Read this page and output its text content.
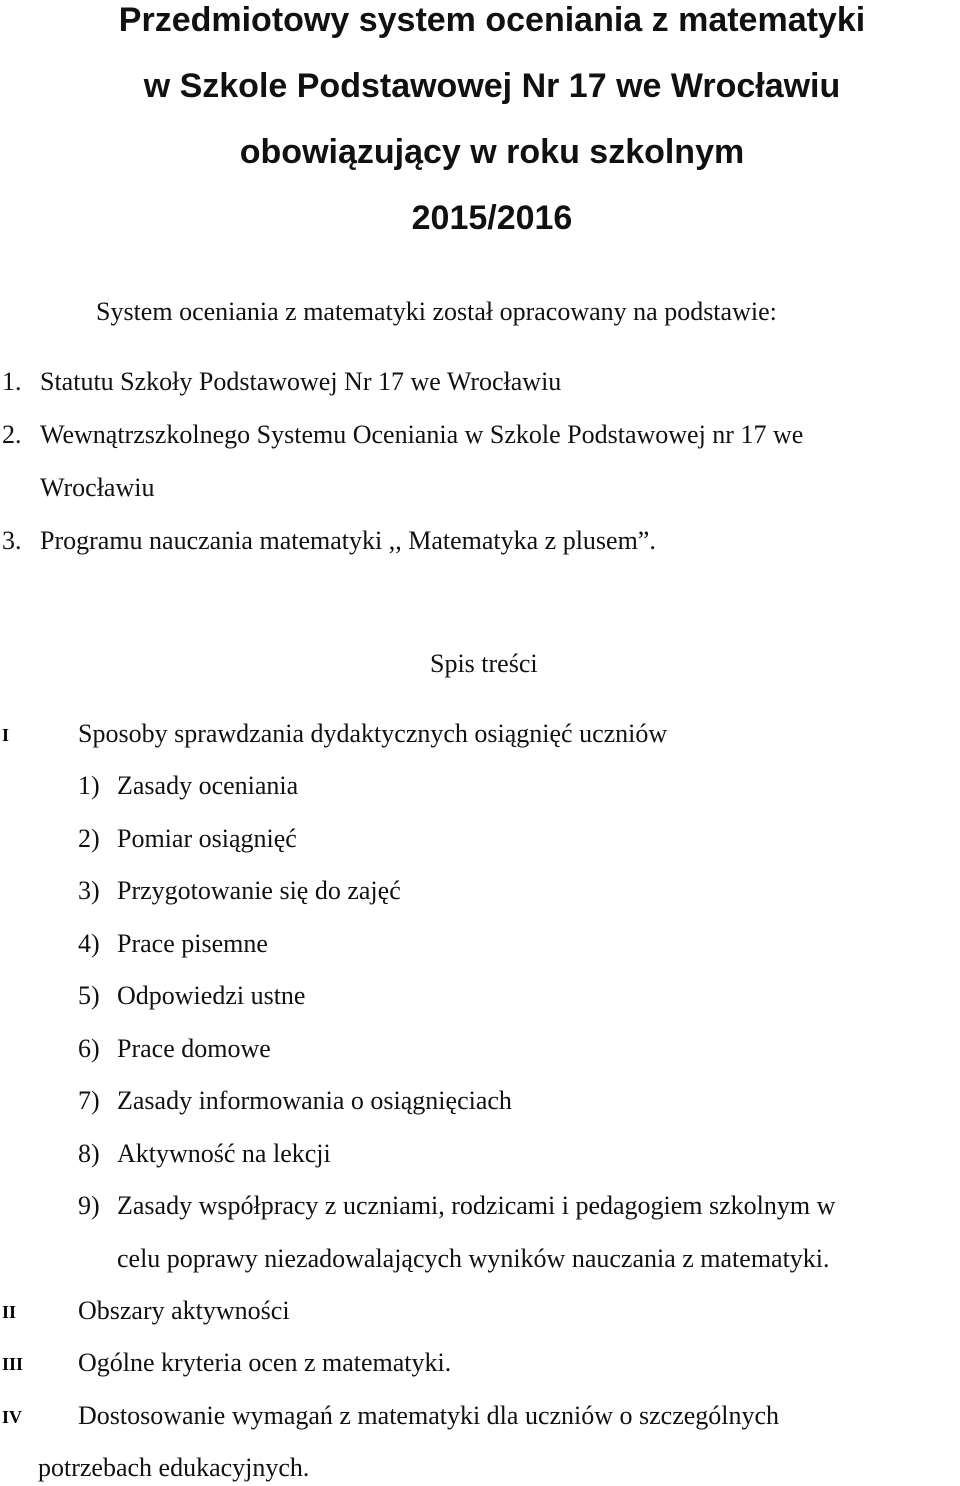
Przedmiotowy system oceniania z matematyki
w Szkole Podstawowej Nr 17 we Wrocławiu
obowiązujący w roku szkolnym
2015/2016
System oceniania z matematyki został opracowany na podstawie:
1. Statutu Szkoły Podstawowej Nr 17 we Wrocławiu
2. Wewnątrzszkolnego Systemu Oceniania w Szkole Podstawowej nr 17 we
Wrocławiu
3. Programu nauczania matematyki ,, Matematyka z plusem”.
Spis treści
I	Sposoby sprawdzania dydaktycznych osiągnięć uczniów
1) Zasady oceniania
2) Pomiar osiągnięć
3) Przygotowanie się do zajęć
4) Prace pisemne
5) Odpowiedzi ustne
6) Prace domowe
7) Zasady informowania o osiągnięciach
8) Aktywność na lekcji
9) Zasady współpracy z uczniami, rodzicami i pedagogiem szkolnym w
celu poprawy niezadowalających wyników nauczania z matematyki.
II Obszary aktywności
III Ogólne kryteria ocen z matematyki.
IV Dostosowanie wymagań z matematyki dla uczniów o szczególnych
potrzebach edukacyjnych.
